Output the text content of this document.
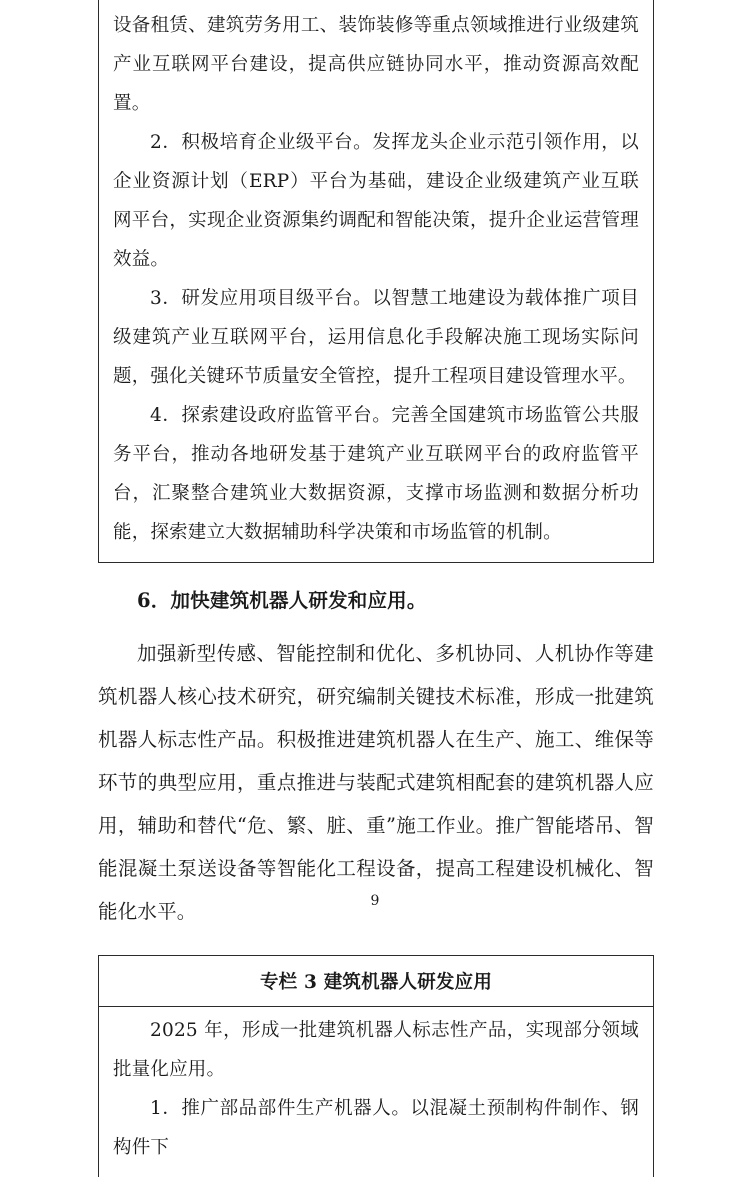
设备租赁、建筑劳务用工、装饰装修等重点领域推进行业级建筑产业互联网平台建设，提高供应链协同水平，推动资源高效配置。

2．积极培育企业级平台。发挥龙头企业示范引领作用，以企业资源计划（ERP）平台为基础，建设企业级建筑产业互联网平台，实现企业资源集约调配和智能决策，提升企业运营管理效益。

3．研发应用项目级平台。以智慧工地建设为载体推广项目级建筑产业互联网平台，运用信息化手段解决施工现场实际问题，强化关键环节质量安全管控，提升工程项目建设管理水平。

4．探索建设政府监管平台。完善全国建筑市场监管公共服务平台，推动各地研发基于建筑产业互联网平台的政府监管平台，汇聚整合建筑业大数据资源，支撑市场监测和数据分析功能，探索建立大数据辅助科学决策和市场监管的机制。

6．加快建筑机器人研发和应用。

加强新型传感、智能控制和优化、多机协同、人机协作等建筑机器人核心技术研究，研究编制关键技术标准，形成一批建筑机器人标志性产品。积极推进建筑机器人在生产、施工、维保等环节的典型应用，重点推进与装配式建筑相配套的建筑机器人应用，辅助和替代“危、繁、脏、重”施工作业。推广智能塔吊、智能混凝土泵送设备等智能化工程设备，提高工程建设机械化、智能化水平。

专栏 3 建筑机器人研发应用

2025 年，形成一批建筑机器人标志性产品，实现部分领域批量化应用。

1．推广部品部件生产机器人。以混凝土预制构件制作、钢构件下

9
